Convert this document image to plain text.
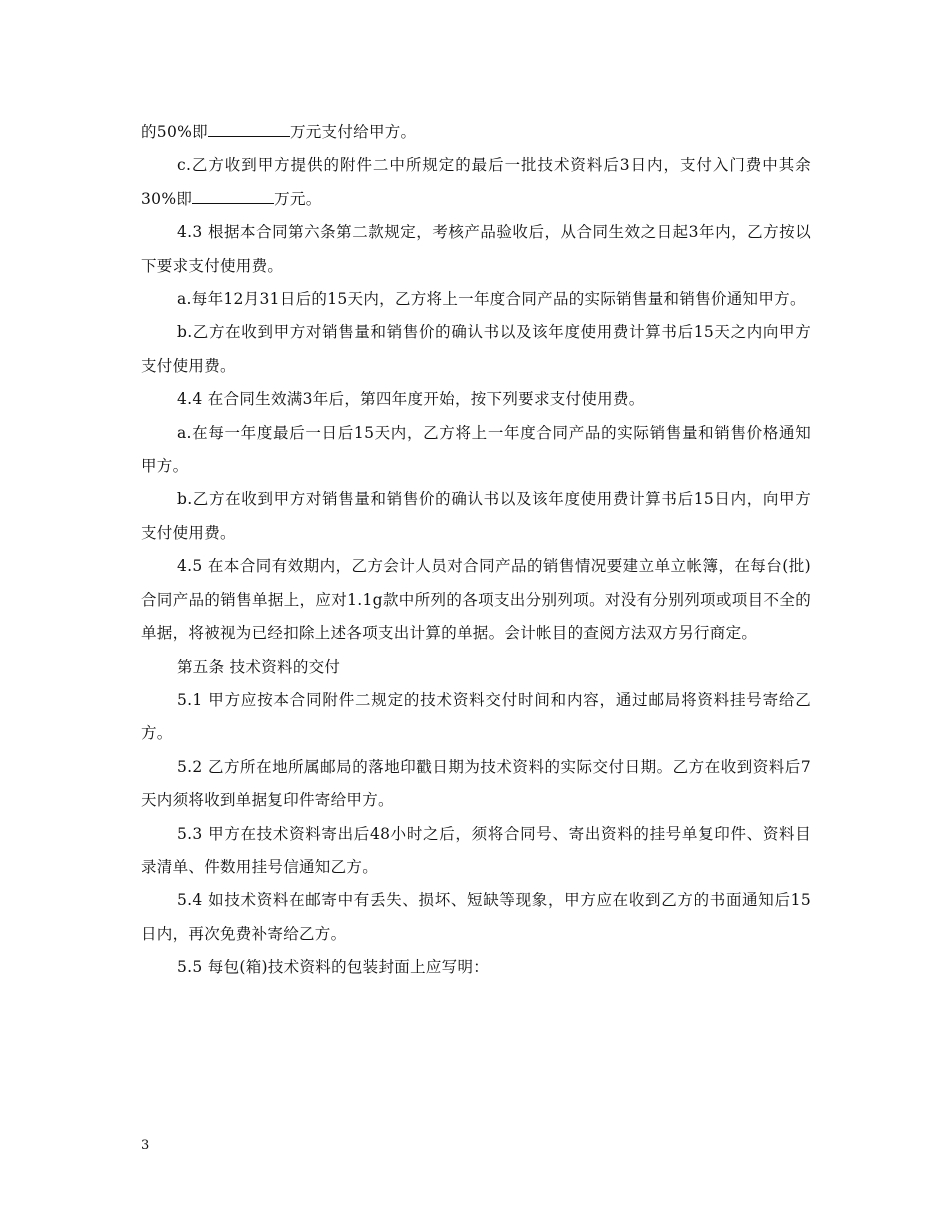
的50%即	万元支付给甲方。

c.乙方收到甲方提供的附件二中所规定的最后一批技术资料后3日内，支付入门费中其余30%即	万元。

4.3 根据本合同第六条第二款规定，考核产品验收后，从合同生效之日起3年内，乙方按以下要求支付使用费。

a.每年12月31日后的15天内，乙方将上一年度合同产品的实际销售量和销售价通知甲方。

b.乙方在收到甲方对销售量和销售价的确认书以及该年度使用费计算书后15天之内向甲方支付使用费。

4.4 在合同生效满3年后，第四年度开始，按下列要求支付使用费。

a.在每一年度最后一日后15天内，乙方将上一年度合同产品的实际销售量和销售价格通知甲方。

b.乙方在收到甲方对销售量和销售价的确认书以及该年度使用费计算书后15日内，向甲方支付使用费。

4.5 在本合同有效期内，乙方会计人员对合同产品的销售情况要建立单立帐簿，在每台(批)合同产品的销售单据上，应对1.1g款中所列的各项支出分别列项。对没有分别列项或项目不全的单据，将被视为已经扣除上述各项支出计算的单据。会计帐目的查阅方法双方另行商定。

第五条 技术资料的交付

5.1 甲方应按本合同附件二规定的技术资料交付时间和内容，通过邮局将资料挂号寄给乙方。

5.2 乙方所在地所属邮局的落地印戳日期为技术资料的实际交付日期。乙方在收到资料后7天内须将收到单据复印件寄给甲方。

5.3 甲方在技术资料寄出后48小时之后，须将合同号、寄出资料的挂号单复印件、资料目录清单、件数用挂号信通知乙方。

5.4 如技术资料在邮寄中有丢失、损坏、短缺等现象，甲方应在收到乙方的书面通知后15日内，再次免费补寄给乙方。

5.5 每包(箱)技术资料的包装封面上应写明：

3
